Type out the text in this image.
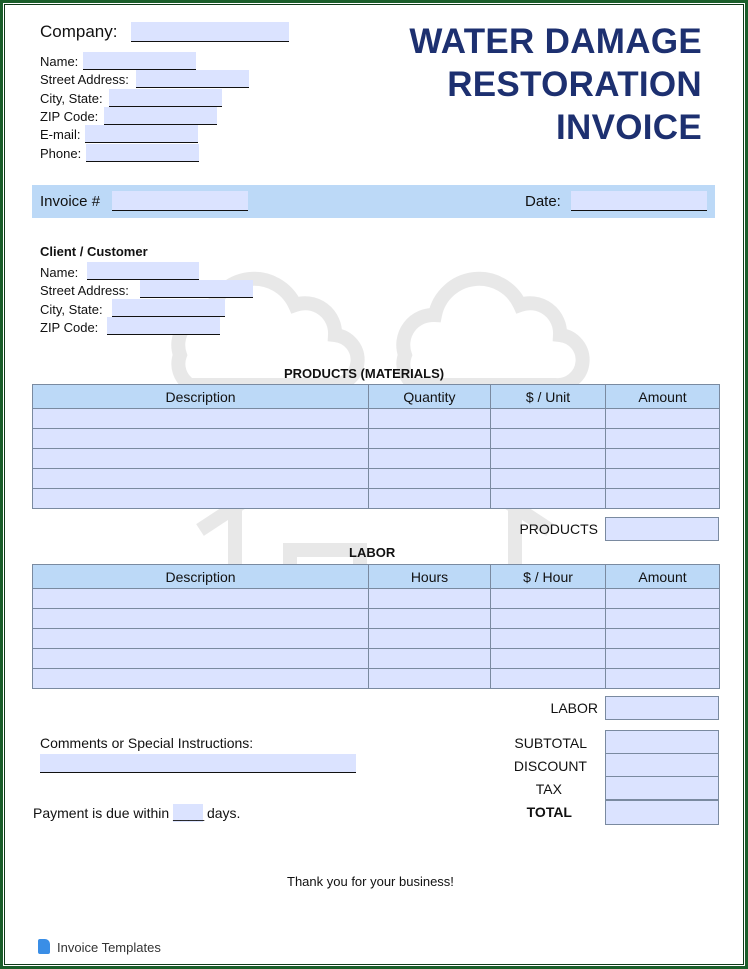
Company:
Name:
Street Address:
City, State:
ZIP Code:
E-mail:
Phone:
WATER DAMAGE
RESTORATION
INVOICE
Invoice #	Date:
Client / Customer
Name:
Street Address:
City, State:
ZIP Code:
PRODUCTS (MATERIALS)
Description	Quantity	$ / Unit	Amount

PRODUCTS
LABOR
Description	Hours	$ / Hour	Amount

LABOR
Comments or Special Instructions:
Payment is due within ____ days.
SUBTOTAL
DISCOUNT
TAX
TOTAL
Thank you for your business!
Invoice Templates
